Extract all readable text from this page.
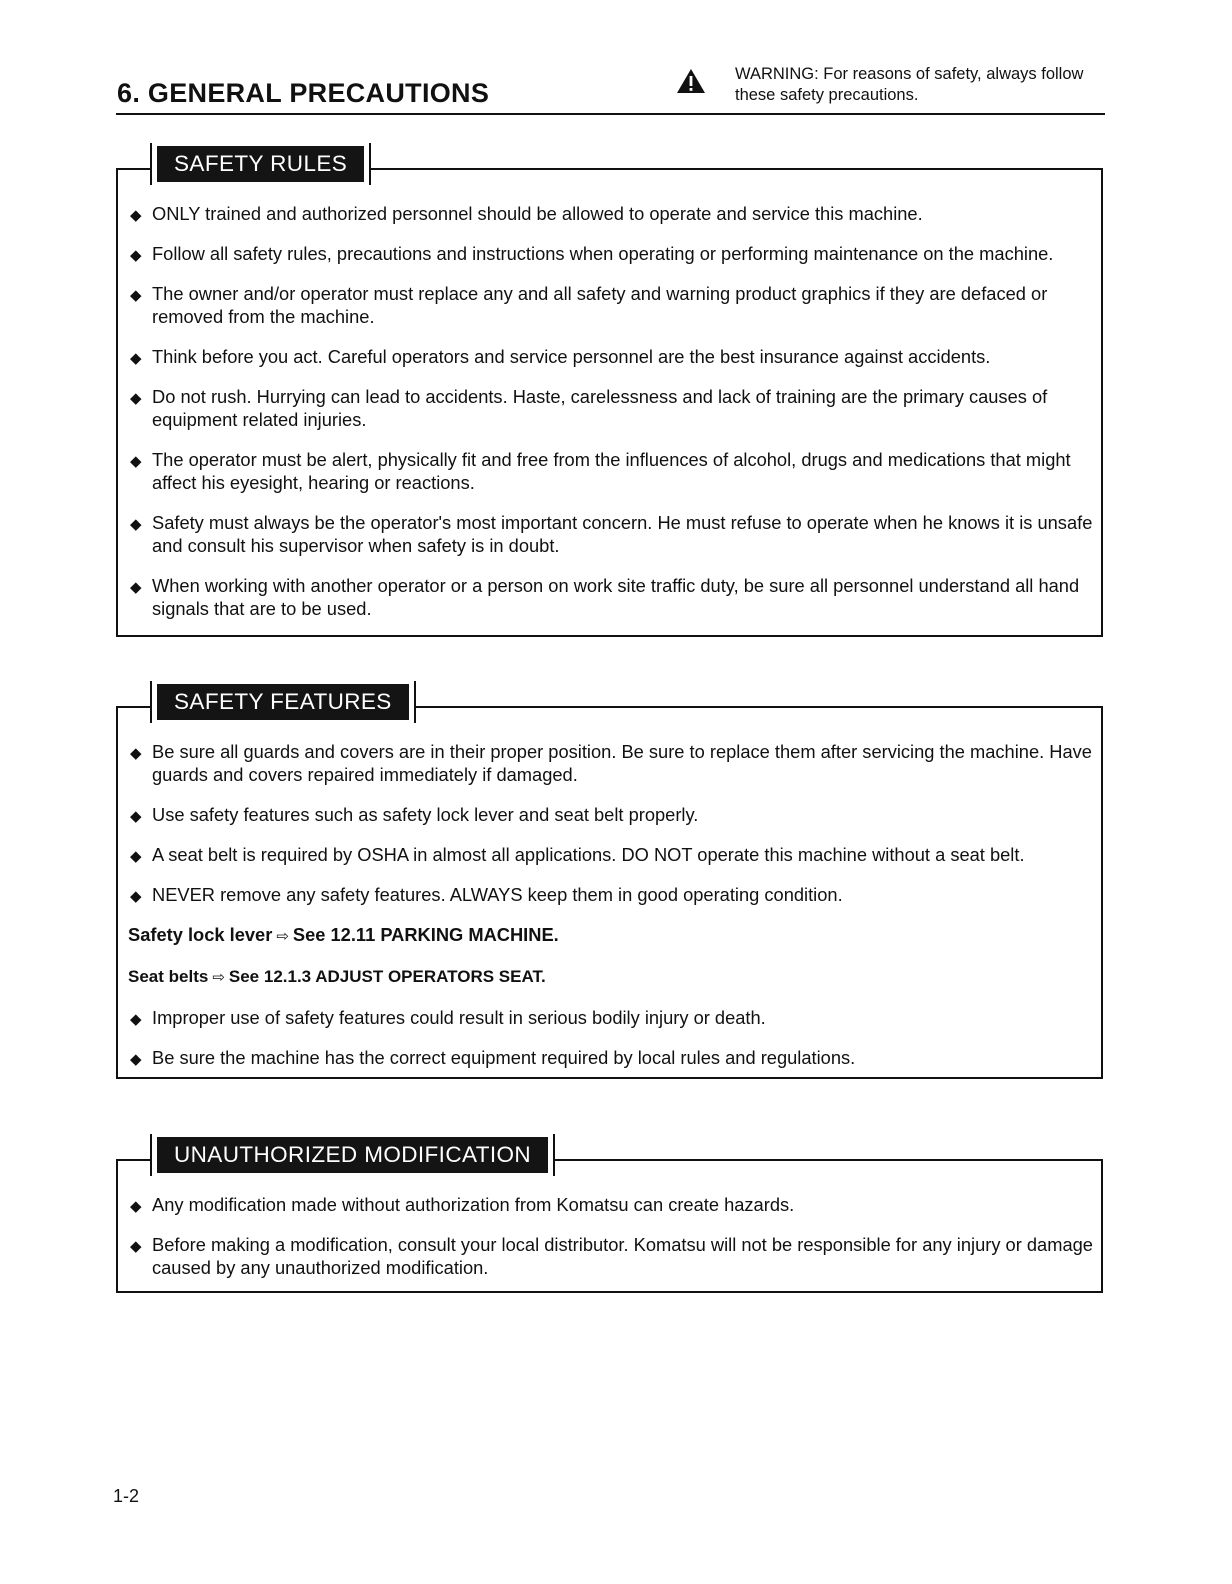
6. GENERAL PRECAUTIONS
WARNING: For reasons of safety, always follow
these safety precautions.
SAFETY RULES
◆ ONLY trained and authorized personnel should be allowed to operate and service this machine.
◆ Follow all safety rules, precautions and instructions when operating or performing maintenance on the machine.
◆ The owner and/or operator must replace any and all safety and warning product graphics if they are defaced or removed from the machine.
◆ Think before you act. Careful operators and service personnel are the best insurance against accidents.
◆ Do not rush. Hurrying can lead to accidents. Haste, carelessness and lack of training are the primary causes of equipment related injuries.
◆ The operator must be alert, physically fit and free from the influences of alcohol, drugs and medications that might affect his eyesight, hearing or reactions.
◆ Safety must always be the operator's most important concern. He must refuse to operate when he knows it is unsafe and consult his supervisor when safety is in doubt.
◆ When working with another operator or a person on work site traffic duty, be sure all personnel understand all hand signals that are to be used.
SAFETY FEATURES
◆ Be sure all guards and covers are in their proper position. Be sure to replace them after servicing the machine. Have guards and covers repaired immediately if damaged.
◆ Use safety features such as safety lock lever and seat belt properly.
◆ A seat belt is required by OSHA in almost all applications. DO NOT operate this machine without a seat belt.
◆ NEVER remove any safety features. ALWAYS keep them in good operating condition.
Safety lock lever ⇨ See 12.11 PARKING MACHINE.
Seat belts ⇨ See 12.1.3 ADJUST OPERATORS SEAT.
◆ Improper use of safety features could result in serious bodily injury or death.
◆ Be sure the machine has the correct equipment required by local rules and regulations.
UNAUTHORIZED MODIFICATION
◆ Any modification made without authorization from Komatsu can create hazards.
◆ Before making a modification, consult your local distributor. Komatsu will not be responsible for any injury or damage caused by any unauthorized modification.
1-2
